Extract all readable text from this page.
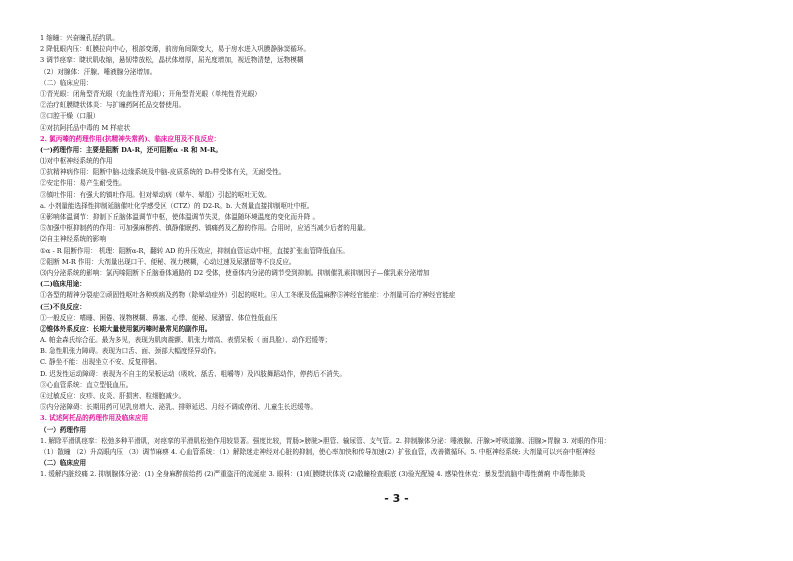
1 缩瞳：兴奋瞳孔括约肌。
2 降低眼内压：虹膜拉向中心，根部变薄，前房角间隙变大，易于房水进入巩膜静脉窦循环。
3 调节痉挛：睫状肌收缩，悬韧带放松，晶状体增厚，屈光度增加，视近物清楚，远物模糊
（2）对腺体：汗腺、唾液腺分泌增加。
（二）临床应用：
①青光眼：闭角型青光眼（充血性青光眼）；开角型青光眼（单纯性青光眼）
②治疗虹膜睫状体炎：与扩瞳药阿托品交替使用。
③口腔干燥（口服）
④对抗阿托品中毒的 M 样症状
2. 氯丙嗪的药理作用(抗精神失常药)、临床应用及不良反应：
(一)药理作用：主要是阻断 DA-R，还可阻断α -R 和 M-R。
⑴对中枢神经系统的作用
①抗精神病作用：阻断中脑-边缘系统及中脑-皮质系统的 D₂样受体有关，无耐受性。
②安定作用：易产生耐受性。
③镇吐作用：有强大的镇吐作用。但对晕动病（晕车、晕船）引起的呕吐无效。
a. 小剂量能选择性抑制延脑催吐化学感受区（CTZ）的 D2-R。b. 大剂量直接抑制呕吐中枢。
④影响体温调节：抑制下丘脑体温调节中枢，使体温调节失灵，体温随环境温度的变化而升降 。
⑤加强中枢抑制药的作用：可加强麻醉药、镇静催眠药、镇痛药及乙醇的作用。合用时，应适当减少后者的用量。
⑵自主神经系统的影响
①α - R 阻断作用： 机理：阻断α-R，翻转 AD 的升压效应，抑制血管运动中枢，直接扩张血管降低血压。
②阻断 M-R 作用：大剂量出现口干、便秘、视力模糊，心动过速及尿潴留等不良反应。
⑶内分泌系统的影响：氯丙嗪阻断下丘脑垂体通路的 D2 受体，使垂体内分泌的调节受到抑制。抑制催乳素抑制因子—催乳素分泌增加
(二)临床用途：
①各型的精神分裂症②顽固性呕吐各种疾病及药物（除晕动症外）引起的呕吐。④人工冬眠及低温麻醉⑤神经官能症：小剂量可治疗神经官能症
(三)不良反应：
①一般反应：嗜睡、困倦、视物模糊、鼻塞、心悸、便秘、尿潴留、体位性低血压
②锥体外系反应：长期大量使用氯丙嗪时最常见的副作用。
A. 帕金森氏综合征。最为多见，表现为肌肉震颤、肌张力增高、表情呆板（ 面具脸）、动作迟缓等；
B. 急性肌张力障碍。表现为口舌、面、颈部大幅度怪异动作。
C. 静坐不能：出现坐立不安、反复徘徊。
D. 迟发性运动障碍：表现为不自主的呆板运动（吸吮、舐舌、咀嚼等）及四肢舞蹈动作，停药后不消失。
③心血管系统：直立型低血压。
④过敏反应：皮疹、皮炎、肝损害、粒细胞减少。
⑤内分泌障碍：长期用药可见乳房增大、泌乳、排卵延迟、月经不调或停闭、儿童生长迟缓等。
3. 试述阿托品的药理作用及临床应用
（一）药理作用
1. 解除平滑肌痉挛：松弛多种平滑肌，对痉挛的平滑肌松弛作用较显著。强度比较，胃肠>膀胱>胆管、输尿管、支气管。2. 抑制腺体分泌：唾液腺、汗腺>呼吸道腺、泪腺>胃腺 3. 对眼的作用：
（1）散瞳 （2）升高眼内压 （3）调节麻痹 4. 心血管系统：（1）解除迷走神经对心脏的抑制，使心率加快和传导加速(2）扩张血管，改善微循环。5. 中枢神经系统: 大剂量可以兴奋中枢神经
（二）临床应用
1. 缓解内脏绞痛 2. 抑制腺体分泌：(1) 全身麻醉前给药 (2)严重盗汗的流涎症 3. 眼科：(1)虹膜睫状体炎 (2)散瞳检查眼底 (3)验光配镜 4. 感染性休克：暴发型流脑中毒性菌痢 中毒性肺炎
- 3 -
